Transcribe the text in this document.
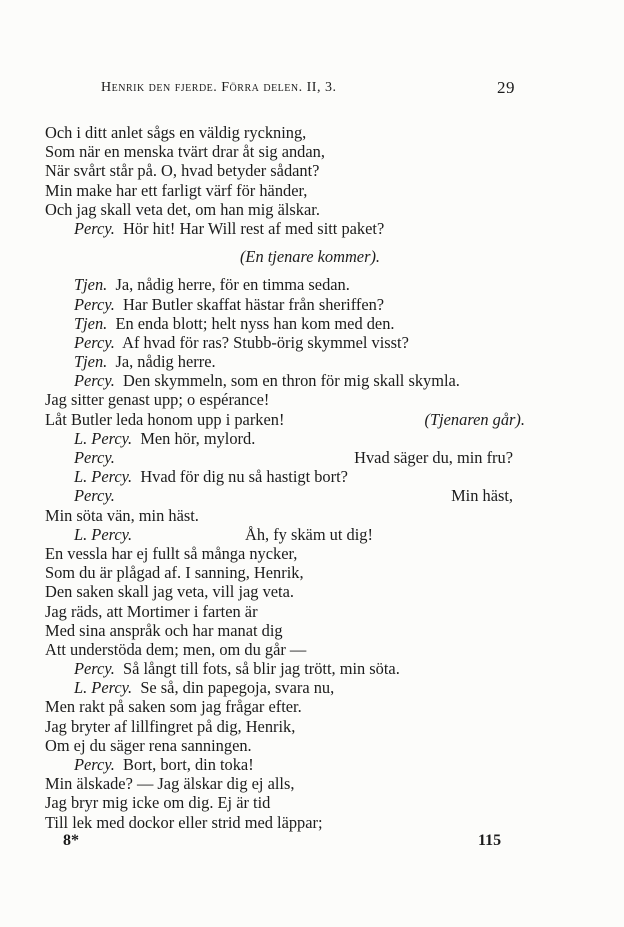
Henrik den fjerde. Förra delen. II, 3.	29
Och i ditt anlet sågs en väldig ryckning,
Som när en menska tvärt drar åt sig andan,
När svårt står på. O, hvad betyder sådant?
Min make har ett farligt värf för händer,
Och jag skall veta det, om han mig älskar.
Percy.  Hör hit! Har Will rest af med sitt paket?
(En tjenare kommer).
Tjen.  Ja, nådig herre, för en timma sedan.
Percy.  Har Butler skaffat hästar från sheriffen?
Tjen.  En enda blott; helt nyss han kom med den.
Percy.  Af hvad för ras? Stubb-örig skymmel visst?
Tjen.  Ja, nådig herre.
Percy.  Den skymmeln, som en thron för mig skall skymla.
Jag sitter genast upp; o espérance!
Låt Butler leda honom upp i parken!	(Tjenaren går).
L. Percy.  Men hör, mylord.
Percy.	Hvad säger du, min fru?
L. Percy.  Hvad för dig nu så hastigt bort?
Percy.	Min häst,
Min söta vän, min häst.
L. Percy.	Åh, fy skäm ut dig!
En vessla har ej fullt så många nycker,
Som du är plågad af. I sanning, Henrik,
Den saken skall jag veta, vill jag veta.
Jag räds, att Mortimer i farten är
Med sina anspråk och har manat dig
Att understöda dem; men, om du går —
Percy.  Så långt till fots, så blir jag trött, min söta.
L. Percy.  Se så, din papegoja, svara nu,
Men rakt på saken som jag frågar efter.
Jag bryter af lillfingret på dig, Henrik,
Om ej du säger rena sanningen.
Percy.  Bort, bort, din toka!
Min älskade? — Jag älskar dig ej alls,
Jag bryr mig icke om dig. Ej är tid
Till lek med dockor eller strid med läppar;
8*	115
